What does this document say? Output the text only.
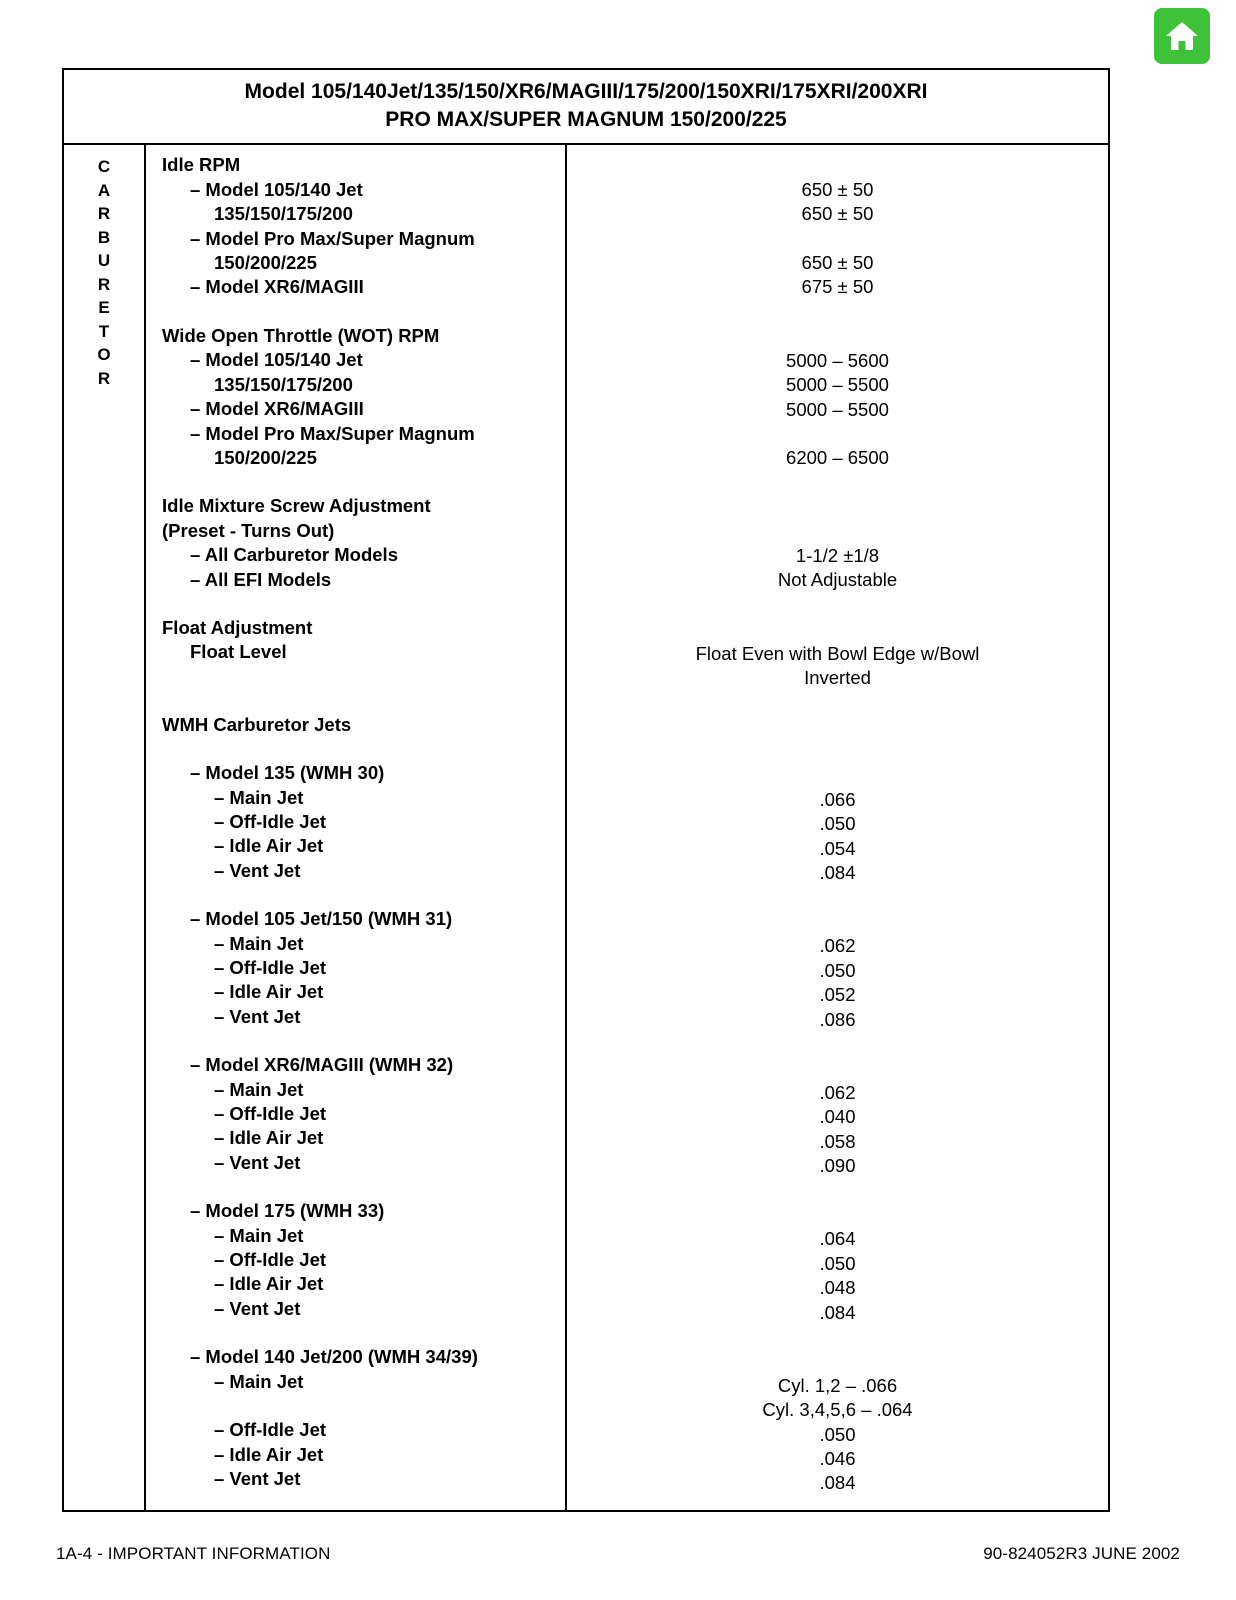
Model 105/140Jet/135/150/XR6/MAGIII/175/200/150XRI/175XRI/200XRI
PRO MAX/SUPER MAGNUM 150/200/225
C
A
R
B
U
R
E
T
O
R
Idle RPM
– Model 105/140 Jet
135/150/175/200
– Model Pro Max/Super Magnum
150/200/225
– Model XR6/MAGIII

Wide Open Throttle (WOT) RPM
– Model 105/140 Jet
135/150/175/200
– Model XR6/MAGIII
– Model Pro Max/Super Magnum
150/200/225

Idle Mixture Screw Adjustment
(Preset - Turns Out)
– All Carburetor Models
– All EFI Models

Float Adjustment
Float Level

WMH Carburetor Jets

– Model 135 (WMH 30)
– Main Jet
– Off-Idle Jet
– Idle Air Jet
– Vent Jet

– Model 105 Jet/150 (WMH 31)
– Main Jet
– Off-Idle Jet
– Idle Air Jet
– Vent Jet

– Model XR6/MAGIII (WMH 32)
– Main Jet
– Off-Idle Jet
– Idle Air Jet
– Vent Jet

– Model 175 (WMH 33)
– Main Jet
– Off-Idle Jet
– Idle Air Jet
– Vent Jet

– Model 140 Jet/200 (WMH 34/39)
– Main Jet

– Off-Idle Jet
– Idle Air Jet
– Vent Jet

650 ± 50
650 ± 50

650 ± 50
675 ± 50

5000 – 5600
5000 – 5500
5000 – 5500

6200 – 6500

1-1/2 ±1/8
Not Adjustable

Float Even with Bowl Edge w/Bowl
Inverted

.066
.050
.054
.084

.062
.050
.052
.086

.062
.040
.058
.090

.064
.050
.048
.084

Cyl. 1,2 – .066
Cyl. 3,4,5,6 – .064
.050
.046
.084
1A-4 - IMPORTANT INFORMATION	90-824052R3 JUNE 2002
